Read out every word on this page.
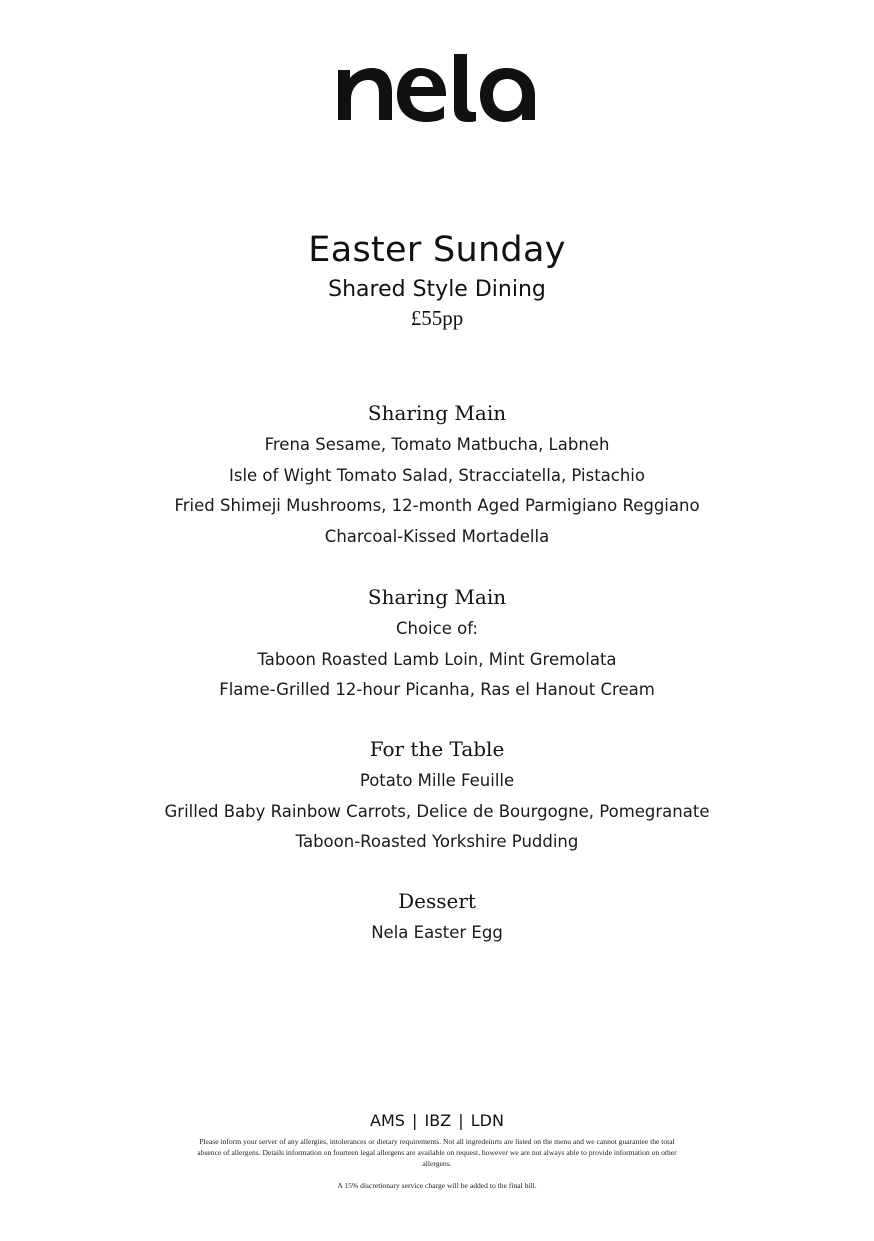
Easter Sunday
Shared Style Dining
£55pp
Sharing Main
Frena Sesame, Tomato Matbucha, Labneh
Isle of Wight Tomato Salad, Stracciatella, Pistachio
Fried Shimeji Mushrooms, 12-month Aged Parmigiano Reggiano
Charcoal-Kissed Mortadella
Sharing Main
Choice of:
Taboon Roasted Lamb Loin, Mint Gremolata
Flame-Grilled 12-hour Picanha, Ras el Hanout Cream
For the Table
Potato Mille Feuille
Grilled Baby Rainbow Carrots, Delice de Bourgogne, Pomegranate
Taboon-Roasted Yorkshire Pudding
Dessert
Nela Easter Egg
AMS | IBZ | LDN
Please inform your server of any allergies, intolerances or dietary requirements. Not all ingredeinrts are listed on the menu and we cannot guarantee the total absence of allergens. Details information on fourteen legal allergens are available on request, however we are not always able to provide information on other allergens.
A 15% discretionary service charge will be added to the final bill.
